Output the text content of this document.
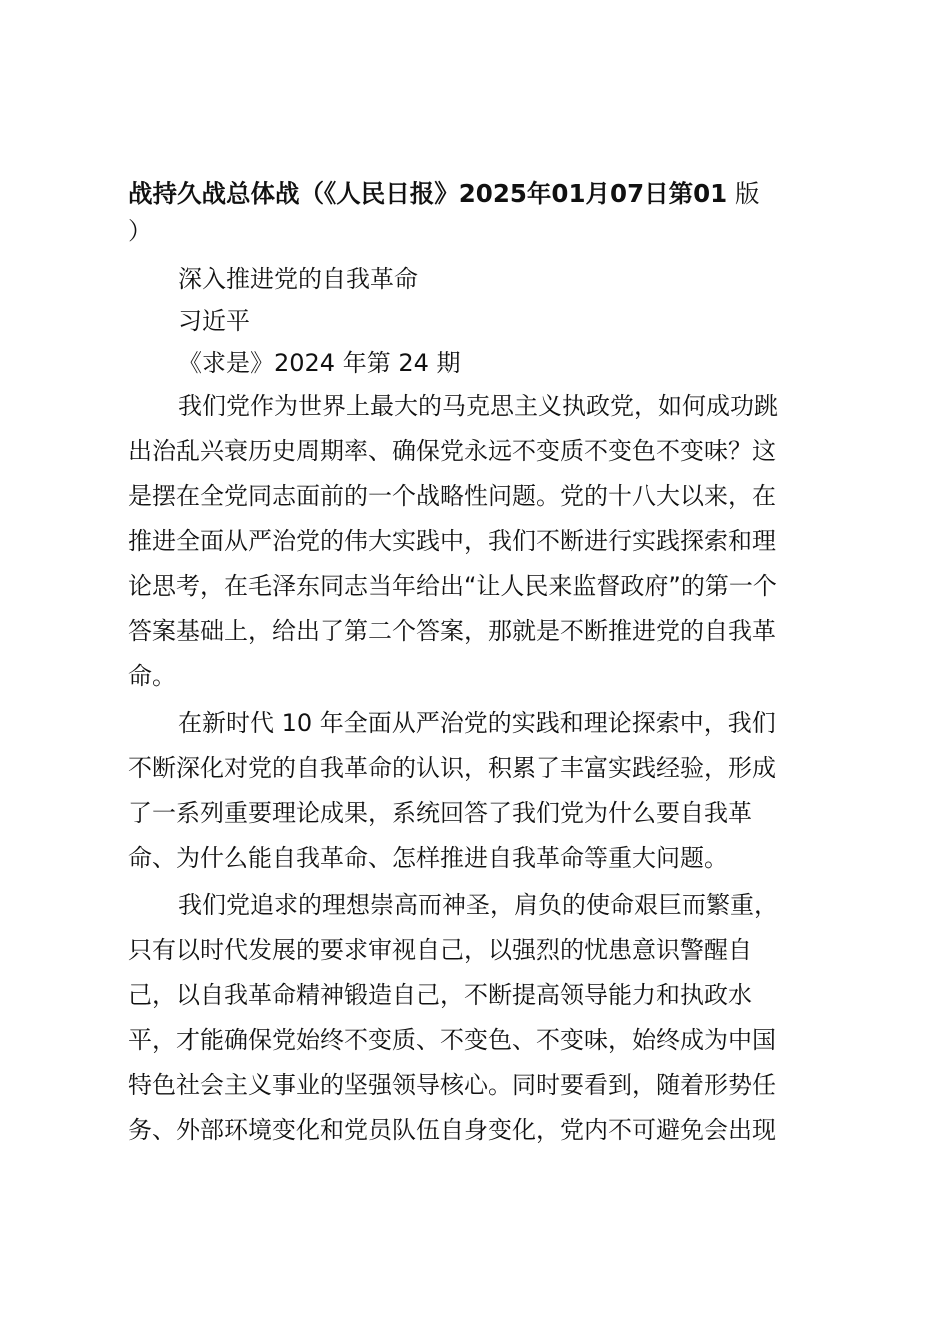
战持久战总体战（《人民日报》2025年01月07日第01 版

）

深入推进党的自我革命

习近平

《求是》2024 年第 24 期

我们党作为世界上最大的马克思主义执政党，如何成功跳
出治乱兴衰历史周期率、确保党永远不变质不变色不变味？这
是摆在全党同志面前的一个战略性问题。党的十八大以来，在
推进全面从严治党的伟大实践中，我们不断进行实践探索和理
论思考，在毛泽东同志当年给出“让人民来监督政府”的第一个
答案基础上，给出了第二个答案，那就是不断推进党的自我革
命。
在新时代 10 年全面从严治党的实践和理论探索中，我们
不断深化对党的自我革命的认识，积累了丰富实践经验，形成
了一系列重要理论成果，系统回答了我们党为什么要自我革
命、为什么能自我革命、怎样推进自我革命等重大问题。
我们党追求的理想崇高而神圣，肩负的使命艰巨而繁重，
只有以时代发展的要求审视自己，以强烈的忧患意识警醒自
己，以自我革命精神锻造自己，不断提高领导能力和执政水
平，才能确保党始终不变质、不变色、不变味，始终成为中国
特色社会主义事业的坚强领导核心。同时要看到，随着形势任
务、外部环境变化和党员队伍自身变化，党内不可避免会出现
